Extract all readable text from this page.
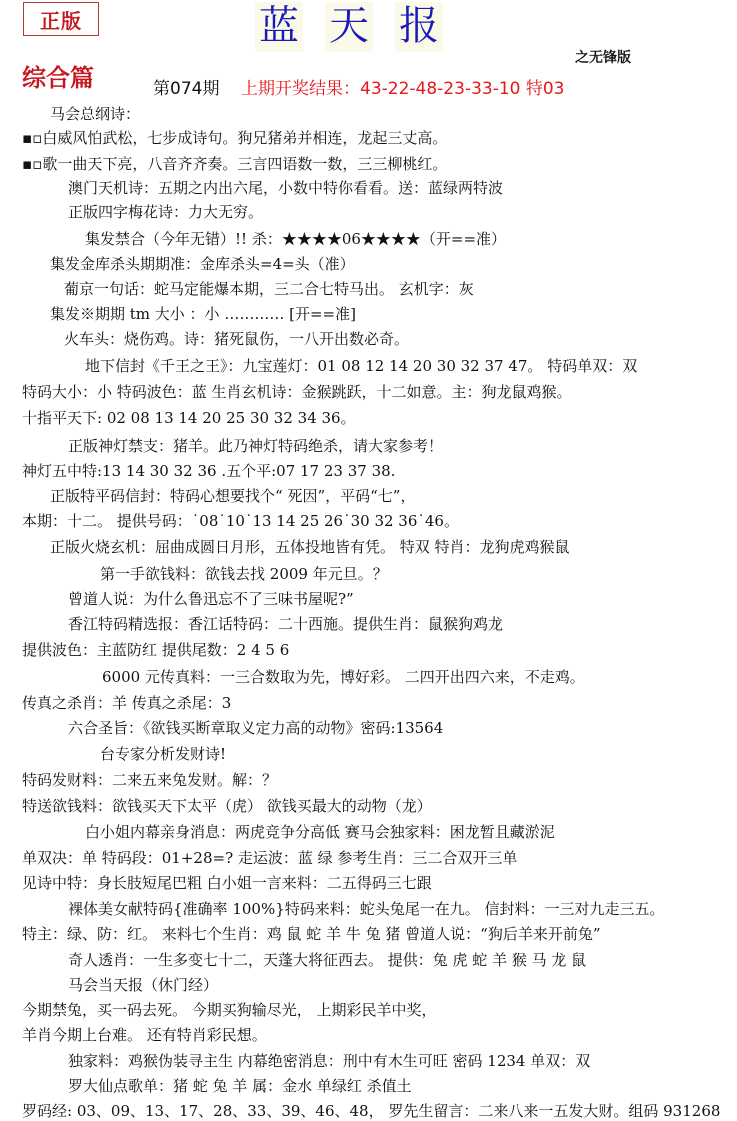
正版	蓝 天 报
之无锋版
综合篇	第074期 上期开奖结果：43-22-48-23-33-10 特03
马会总纲诗：
▪▫白威风怕武松，七步成诗句。狗兄猪弟并相连，龙起三丈高。
▪▫歌一曲天下亮，八音齐齐奏。三言四语数一数，三三柳桃红。
澳门天机诗：五期之内出六尾，小数中特你看看。送：蓝绿两特波
正版四字梅花诗：力大无穷。
集发禁合（今年无错）!! 杀：★★★★06★★★★（开==准）
集发金库杀头期期准：金库杀头=4=头（准）
葡京一句话：蛇马定能爆本期，三二合七特马出。 玄机字：灰
集发※期期 tm 大小 ：小 ………… [开==准]
火车头：烧伤鸡。诗：猪死鼠伤，一八开出数必奇。
地下信封《千王之王》：九宝莲灯：01 08 12 14 20 30 32 37 47。 特码单双：双
特码大小：小 特码波色：蓝 生肖玄机诗：金猴跳跃，十二如意。主：狗龙鼠鸡猴。
十指平天下: 02 08 13 14 20 25 30 32 34 36。
正版神灯禁支：猪羊。此乃神灯特码绝杀，请大家参考！
神灯五中特:13 14 30 32 36 .五个平:07 17 23 37 38.
正版特平码信封：特码心想要找个“ 死因”，平码“七”，
本期：十二。 提供号码：˙08˙10˙13 14 25 26˙30 32 36˙46。
正版火烧玄机：屈曲成圆日月形，五体投地皆有凭。 特双 特肖：龙狗虎鸡猴鼠
第一手欲钱料：欲钱去找 2009 年元旦。？
曾道人说：为什么鲁迅忘不了三味书屋呢?”
香江特码精选报：香江话特码：二十西施。提供生肖：鼠猴狗鸡龙
提供波色：主蓝防红 提供尾数：2 4 5 6
6000 元传真料：一三合数取为先，博好彩。 二四开出四六来，不走鸡。
传真之杀肖：羊 传真之杀尾：3
六合圣旨：《欲钱买断章取义定力高的动物》密码:13564
台专家分析发财诗!
特码发财料：二来五来兔发财。解：？
特送欲钱料：欲钱买天下太平（虎） 欲钱买最大的动物（龙）
白小姐内幕亲身消息：两虎竞争分高低 赛马会独家料：困龙暂且藏淤泥
单双决：单 特码段：01+28=? 走运波：蓝 绿 参考生肖：三二合双开三单
见诗中特：身长肢短尾巴粗 白小姐一言来料：二五得码三七跟
裸体美女献特码{准确率 100%}特码来料：蛇头兔尾一在九。 信封料：一三对九走三五。
特主：绿、防：红。 来料七个生肖：鸡 鼠 蛇 羊 牛 兔 猪 曾道人说：“狗后羊来开前兔”
奇人透肖：一生多变七十二，天蓬大将征西去。 提供：兔 虎 蛇 羊 猴 马 龙 鼠
马会当天报（休门经）
今期禁兔，买一码去死。 今期买狗输尽光， 上期彩民羊中奖，
羊肖今期上台难。 还有特肖彩民想。
独家料：鸡猴伪装寻主生 内幕绝密消息：刑中有木生可旺 密码 1234 单双：双
罗大仙点歌单：猪 蛇 兔 羊 属：金水 单绿红 杀值土
罗码经: 03、09、13、17、28、33、39、46、48， 罗先生留言：二来八来一五发大财。组码 931268
